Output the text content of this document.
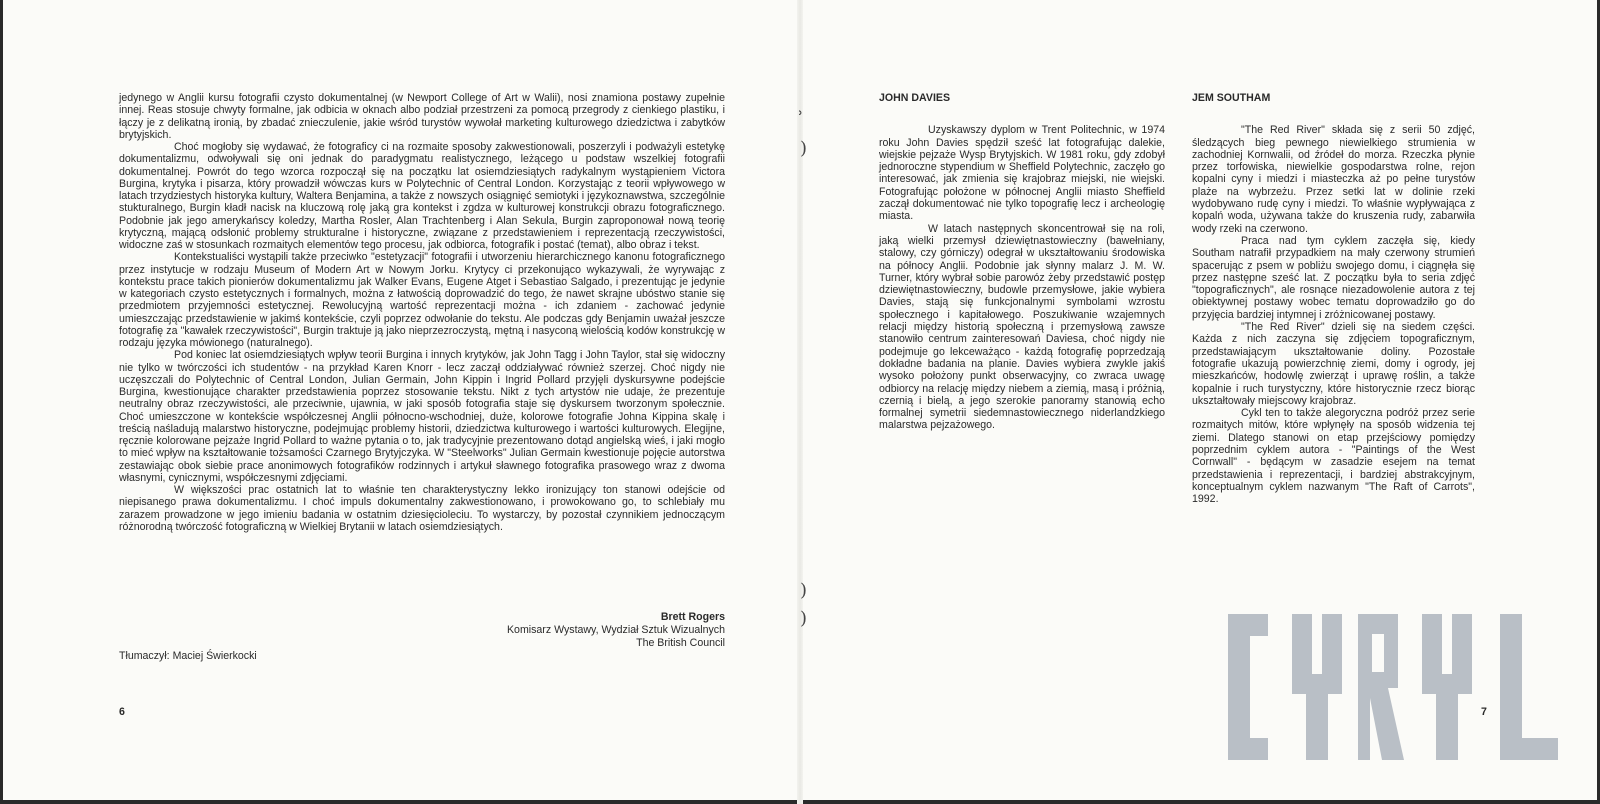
jedynego w Anglii kursu fotografii czysto dokumentalnej (w Newport College of Art w Walii), nosi znamiona postawy zupełnie innej. Reas stosuje chwyty formalne, jak odbicia w oknach albo podział przestrzeni za pomocą przegrody z cienkiego plastiku, i łączy je z delikatną ironią, by zbadać znieczulenie, jakie wśród turystów wywołał marketing kulturowego dziedzictwa i zabytków brytyjskich.

Choć mogłoby się wydawać, że fotograficy ci na rozmaite sposoby zakwestionowali, poszerzyli i podważyli estetykę dokumentalizmu, odwoływali się oni jednak do paradygmatu realistycznego, leżącego u podstaw wszelkiej fotografii dokumentalnej. Powrót do tego wzorca rozpoczął się na początku lat osiemdziesiątych radykalnym wystąpieniem Victora Burgina, krytyka i pisarza, który prowadził wówczas kurs w Polytechnic of Central London. Korzystając z teorii wpływowego w latach trzydziestych historyka kultury, Waltera Benjamina, a także z nowszych osiągnięć semiotyki i językoznawstwa, szczególnie stukturalnego, Burgin kładł nacisk na kluczową rolę jaką gra kontekst i zgdza w kulturowej konstrukcji obrazu fotograficznego. Podobnie jak jego amerykańscy koledzy, Martha Rosler, Alan Trachtenberg i Alan Sekula, Burgin zaproponował nową teorię krytyczną, mającą odsłonić problemy strukturalne i historyczne, związane z przedstawieniem i reprezentacją rzeczywistości, widoczne zaś w stosunkach rozmaitych elementów tego procesu, jak odbiorca, fotografik i postać (temat), albo obraz i tekst.

Kontekstualiści wystąpili także przeciwko "estetyzacji" fotografii i utworzeniu hierarchicznego kanonu fotograficznego przez instytucje w rodzaju Museum of Modern Art w Nowym Jorku. Krytycy ci przekonująco wykazywali, że wyrywając z kontekstu prace takich pionierów dokumentalizmu jak Walker Evans, Eugene Atget i Sebastiao Salgado, i prezentując je jedynie w kategoriach czysto estetycznych i formalnych, można z łatwością doprowadzić do tego, że nawet skrajne ubóstwo stanie się przedmiotem przyjemności estetycznej. Rewolucyjną wartość reprezentacji można - ich zdaniem - zachować jedynie umieszczając przedstawienie w jakimś kontekście, czyli poprzez odwołanie do tekstu. Ale podczas gdy Benjamin uważał jeszcze fotografię za "kawałek rzeczywistości", Burgin traktuje ją jako nieprzezroczystą, mętną i nasyconą wielością kodów konstrukcję w rodzaju języka mówionego (naturalnego).

Pod koniec lat osiemdziesiątych wpływ teorii Burgina i innych krytyków, jak John Tagg i John Taylor, stał się widoczny nie tylko w twórczości ich studentów - na przykład Karen Knorr - lecz zaczął oddziaływać również szerzej. Choć nigdy nie uczęszczali do Polytechnic of Central London, Julian Germain, John Kippin i Ingrid Pollard przyjęli dyskursywne podejście Burgina, kwestionujące charakter przedstawienia poprzez stosowanie tekstu. Nikt z tych artystów nie udaje, że prezentuje neutralny obraz rzeczywistości, ale przeciwnie, ujawnia, w jaki sposób fotografia staje się dyskursem tworzonym społecznie. Choć umieszczone w kontekście współczesnej Anglii północno-wschodniej, duże, kolorowe fotografie Johna Kippina skalę i treścią naśladują malarstwo historyczne, podejmując problemy historii, dziedzictwa kulturowego i wartości kulturowych. Elegijne, ręcznie kolorowane pejzaże Ingrid Pollard to ważne pytania o to, jak tradycyjnie prezentowano dotąd angielską wieś, i jaki mogło to mieć wpływ na kształtowanie tożsamości Czarnego Brytyjczyka. W "Steelworks" Julian Germain kwestionuje pojęcie autorstwa zestawiając obok siebie prace anonimowych fotografików rodzinnych i artykuł sławnego fotografika prasowego wraz z dwoma własnymi, cynicznymi, współczesnymi zdjęciami.

W większości prac ostatnich lat to właśnie ten charakterystyczny lekko ironizujący ton stanowi odejście od niepisanego prawa dokumentalizmu. I choć impuls dokumentalny zakwestionowano, i prowokowano go, to schlebiały mu zarazem prowadzone w jego imieniu badania w ostatnim dziesięcioleciu. To wystarczy, by pozostał czynnikiem jednoczącym różnorodną twórczość fotograficzną w Wielkiej Brytanii w latach osiemdziesiątych.

Brett Rogers
Komisarz Wystawy, Wydział Sztuk Wizualnych
The British Council
Tłumaczył: Maciej Świerkocki
6
ʾ
)
)
)
JOHN DAVIES

Uzyskawszy dyplom w Trent Politechnic, w 1974 roku John Davies spędził sześć lat fotografując dalekie, wiejskie pejzaże Wysp Brytyjskich. W 1981 roku, gdy zdobył jednoroczne stypendium w Sheffield Polytechnic, zaczęło go interesować, jak zmienia się krajobraz miejski, nie wiejski. Fotografując położone w północnej Anglii miasto Sheffield zaczął dokumentować nie tylko topografię lecz i archeologię miasta.

W latach następnych skoncentrował się na roli, jaką wielki przemysł dziewiętnastowieczny (bawełniany, stalowy, czy górniczy) odegrał w ukształtowaniu środowiska na północy Anglii. Podobnie jak słynny malarz J. M. W. Turner, który wybrał sobie parowóz żeby przedstawić postęp dziewiętnastowieczny, budowle przemysłowe, jakie wybiera Davies, stają się funkcjonalnymi symbolami wzrostu społecznego i kapitałowego. Poszukiwanie wzajemnych relacji między historią społeczną i przemysłową zawsze stanowiło centrum zainteresowań Daviesa, choć nigdy nie podejmuje go lekceważąco - każdą fotografię poprzedzają dokładne badania na planie. Davies wybiera zwykle jakiś wysoko położony punkt obserwacyjny, co zwraca uwagę odbiorcy na relację między niebem a ziemią, masą i próżnią, czernią i bielą, a jego szerokie panoramy stanowią echo formalnej symetrii siedemnastowiecznego niderlandzkiego malarstwa pejzażowego.

JEM SOUTHAM

"The Red River" składa się z serii 50 zdjęć, śledzących bieg pewnego niewielkiego strumienia w zachodniej Kornwalii, od źródeł do morza. Rzeczka płynie przez torfowiska, niewielkie gospodarstwa rolne, rejon kopalni cyny i miedzi i miasteczka aż po pełne turystów plaże na wybrzeżu. Przez setki lat w dolinie rzeki wydobywano rudę cyny i miedzi. To właśnie wypływająca z kopalń woda, używana także do kruszenia rudy, zabarwiła wody rzeki na czerwono.

Praca nad tym cyklem zaczęła się, kiedy Southam natrafił przypadkiem na mały czerwony strumień spacerując z psem w pobliżu swojego domu, i ciągnęła się przez następne sześć lat. Z początku była to seria zdjęć "topograficznych", ale rosnące niezadowolenie autora z tej obiektywnej postawy wobec tematu doprowadziło go do przyjęcia bardziej intymnej i zróżnicowanej postawy.

"The Red River" dzieli się na siedem części. Każda z nich zaczyna się zdjęciem topograficznym, przedstawiającym ukształtowanie doliny. Pozostałe fotografie ukazują powierzchnię ziemi, domy i ogrody, jej mieszkańców, hodowlę zwierząt i uprawę roślin, a także kopalnie i ruch turystyczny, które historycznie rzecz biorąc ukształtowały miejscowy krajobraz.

Cykl ten to także alegoryczna podróż przez serie rozmaitych mitów, które wpłynęły na sposób widzenia tej ziemi. Dlatego stanowi on etap przejściowy pomiędzy poprzednim cyklem autora - "Paintings of the West Cornwall" - będącym w zasadzie esejem na temat przedstawienia i reprezentacji, i bardziej abstrakcyjnym, konceptualnym cyklem nazwanym "The Raft of Carrots", 1992.

7
